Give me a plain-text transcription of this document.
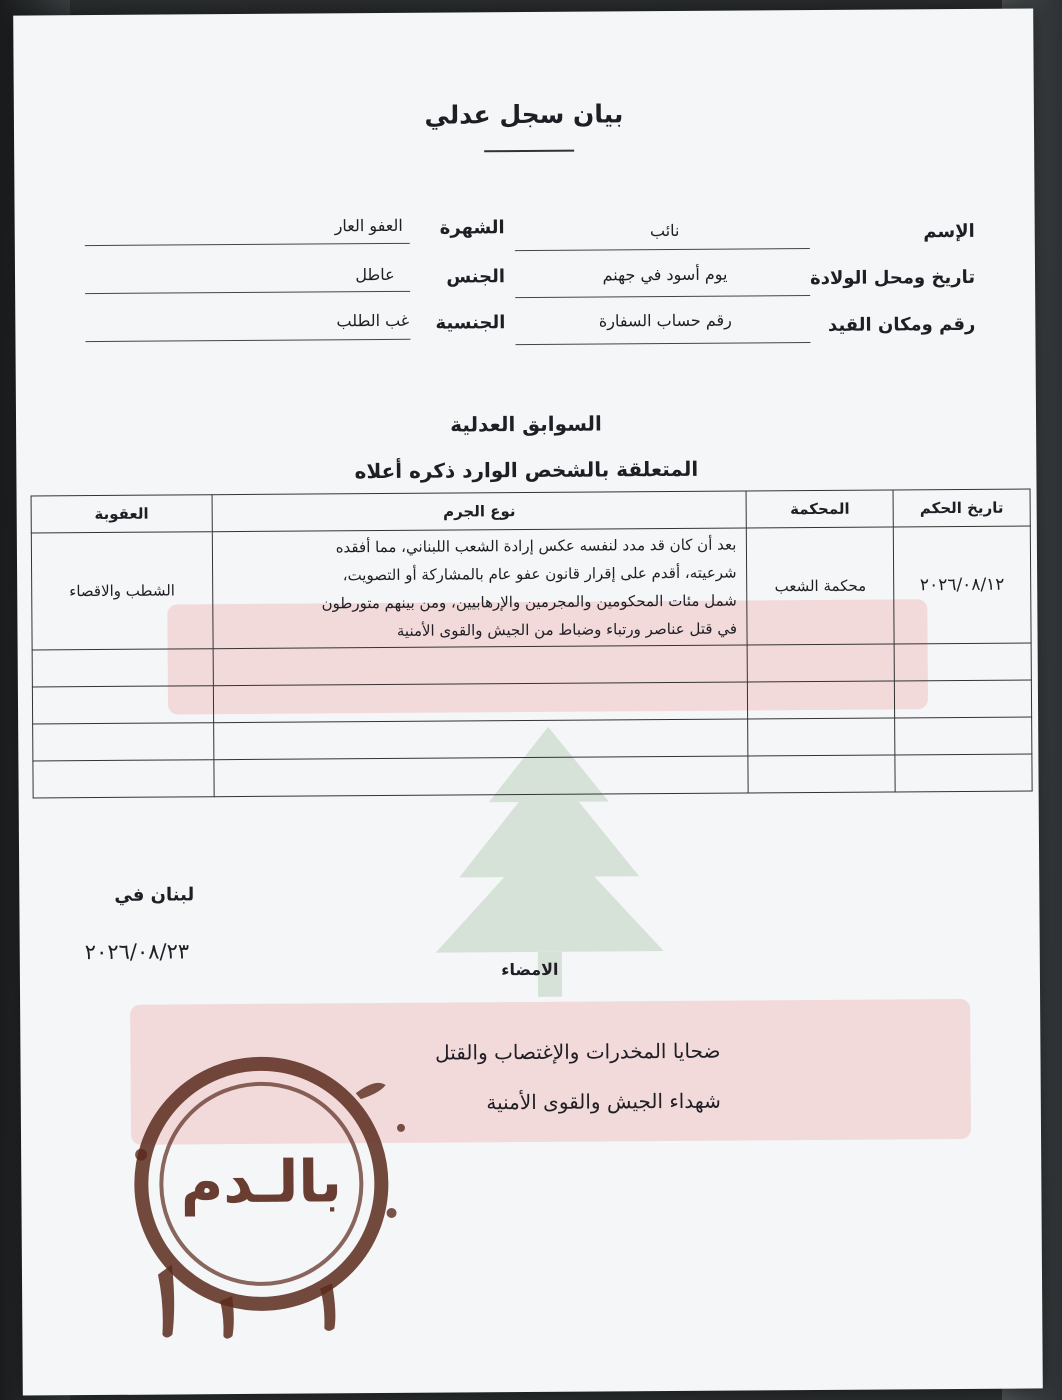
بيان سجل عدلي
الإسم
نائب
الشهرة
العفو العار
تاريخ ومحل الولادة
يوم أسود في جهنم
الجنس
عاطل
رقم ومكان القيد
رقم حساب السفارة
الجنسية
غب الطلب
السوابق العدلية
المتعلقة بالشخص الوارد ذكره أعلاه
تاريخ الحكم	المحكمة	نوع الجرم	العقوبة
٢٠٢٦/٠٨/١٢	محكمة الشعب	بعد أن كان قد مدد لنفسه عكس إرادة الشعب اللبناني، مما أفقده
شرعيته، أقدم على إقرار قانون عفو عام بالمشاركة أو التصويت،
شمل مئات المحكومين والمجرمين والإرهابيين، ومن بينهم متورطون
في قتل عناصر ورتباء وضباط من الجيش والقوى الأمنية	الشطب والاقصاء

لبنان في
٢٠٢٦/٠٨/٢٣
الامضاء
ضحايا المخدرات والإغتصاب والقتل
شهداء الجيش والقوى الأمنية
بالـدم
